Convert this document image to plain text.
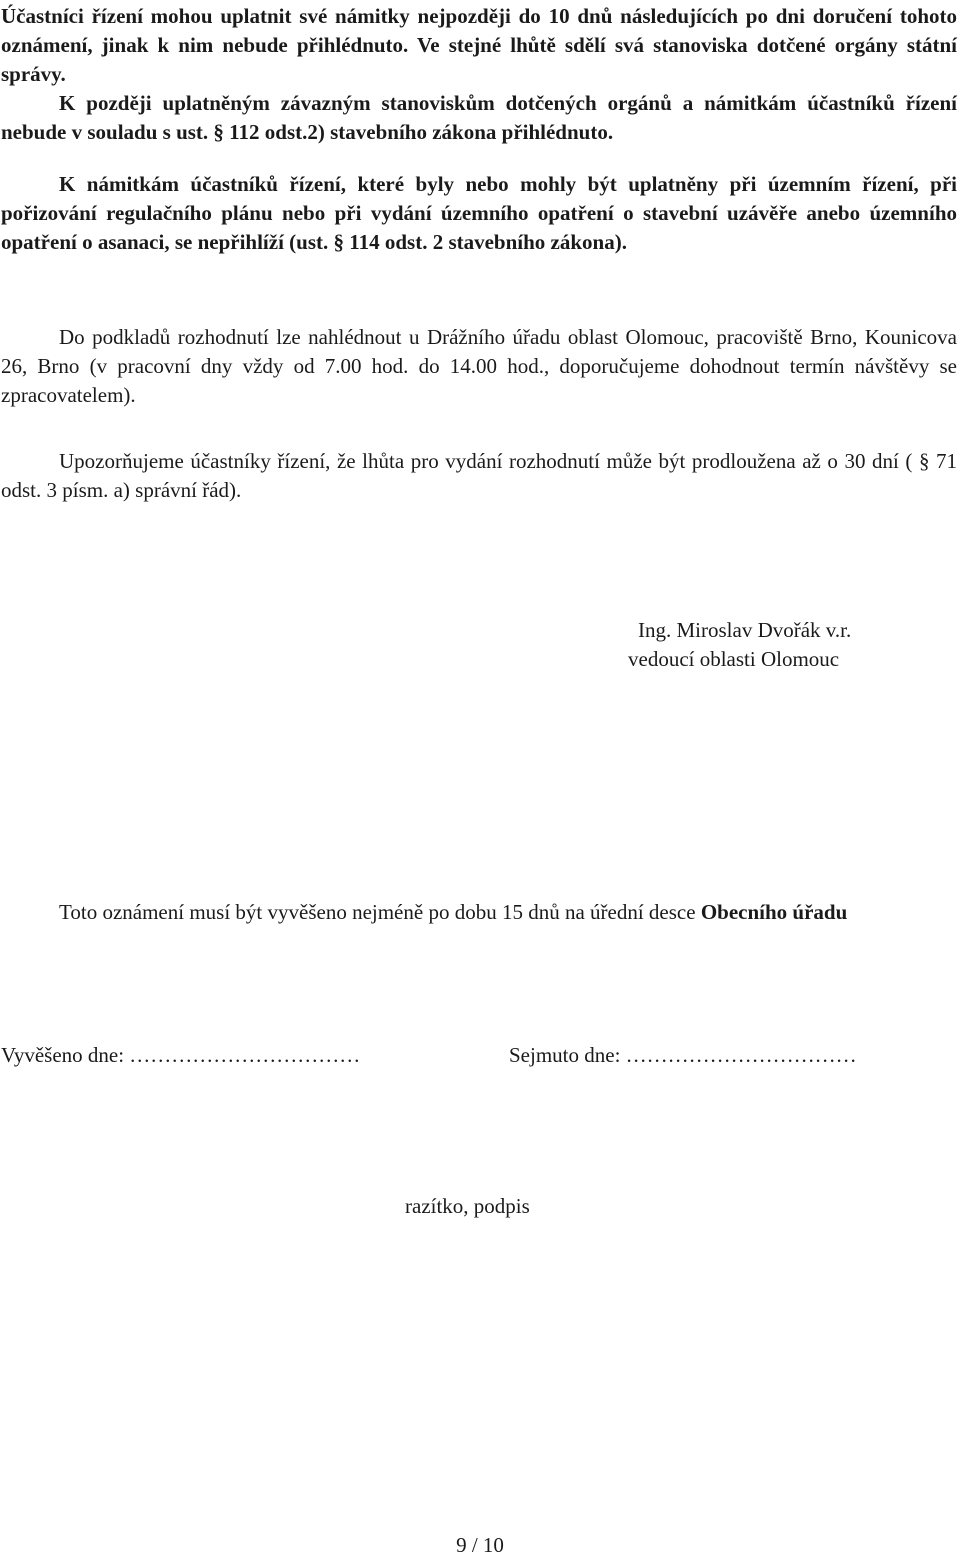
Účastníci řízení mohou uplatnit své námitky nejpozději do 10 dnů následujících po dni doručení tohoto oznámení, jinak k nim nebude přihlédnuto. Ve stejné lhůtě sdělí svá stanoviska dotčené orgány státní správy.
K později uplatněným závazným stanoviskům dotčených orgánů a námitkám účastníků řízení nebude v souladu s ust. § 112 odst.2) stavebního zákona přihlédnuto.

K námitkám účastníků řízení, které byly nebo mohly být uplatněny při územním řízení, při pořizování regulačního plánu nebo při vydání územního opatření o stavební uzávěře anebo územního opatření o asanaci, se nepřihlíží (ust. § 114 odst. 2 stavebního zákona).

Do podkladů rozhodnutí lze nahlédnout u Drážního úřadu oblast Olomouc, pracoviště Brno, Kounicova 26, Brno (v pracovní dny vždy od 7.00 hod. do 14.00 hod., doporučujeme dohodnout termín návštěvy se zpracovatelem).

Upozorňujeme účastníky řízení, že lhůta pro vydání rozhodnutí může být prodloužena až o 30 dní ( § 71 odst. 3 písm. a) správní řád).

Ing. Miroslav Dvořák v.r.
vedoucí oblasti Olomouc

Toto oznámení musí být vyvěšeno nejméně po dobu 15 dnů na úřední desce Obecního úřadu

Vyvěšeno dne: ……………………………	Sejmuto dne: ……………………………
razítko, podpis
9 / 10
